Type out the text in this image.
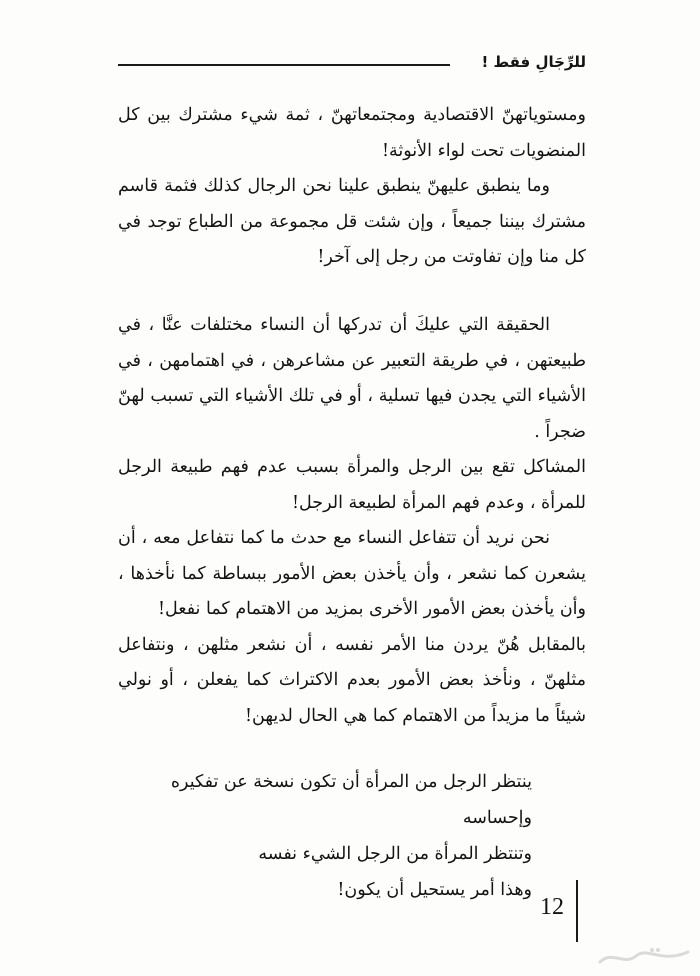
للرِّجَالِ فقط !

ومستوياتهنّ الاقتصادية ومجتمعاتهنّ ، ثمة شيء مشترك بين كل المنضويات تحت لواء الأنوثة!

وما ينطبق عليهنّ ينطبق علينا نحن الرجال كذلك فثمة قاسم مشترك بيننا جميعاً ، وإن شئت قل مجموعة من الطباع توجد في كل منا وإن تفاوتت من رجل إلى آخر!

الحقيقة التي عليكَ أن تدركها أن النساء مختلفات عنَّا ، في طبيعتهن ، في طريقة التعبير عن مشاعرهن ، في اهتمامهن ، في الأشياء التي يجدن فيها تسلية ، أو في تلك الأشياء التي تسبب لهنّ ضجراً .

المشاكل تقع بين الرجل والمرأة بسبب عدم فهم طبيعة الرجل للمرأة ، وعدم فهم المرأة لطبيعة الرجل!

نحن نريد أن تتفاعل النساء مع حدث ما كما نتفاعل معه ، أن يشعرن كما نشعر ، وأن يأخذن بعض الأمور ببساطة كما نأخذها ، وأن يأخذن بعض الأمور الأخرى بمزيد من الاهتمام كما نفعل!

بالمقابل هُنّ يردن منا الأمر نفسه ، أن نشعر مثلهن ، ونتفاعل مثلهنّ ، ونأخذ بعض الأمور بعدم الاكتراث كما يفعلن ، أو نولي شيئاً ما مزيداً من الاهتمام كما هي الحال لديهن!

ينتظر الرجل من المرأة أن تكون نسخة عن تفكيره وإحساسه

وتنتظر المرأة من الرجل الشيء نفسه

وهذا أمر يستحيل أن يكون!

12
